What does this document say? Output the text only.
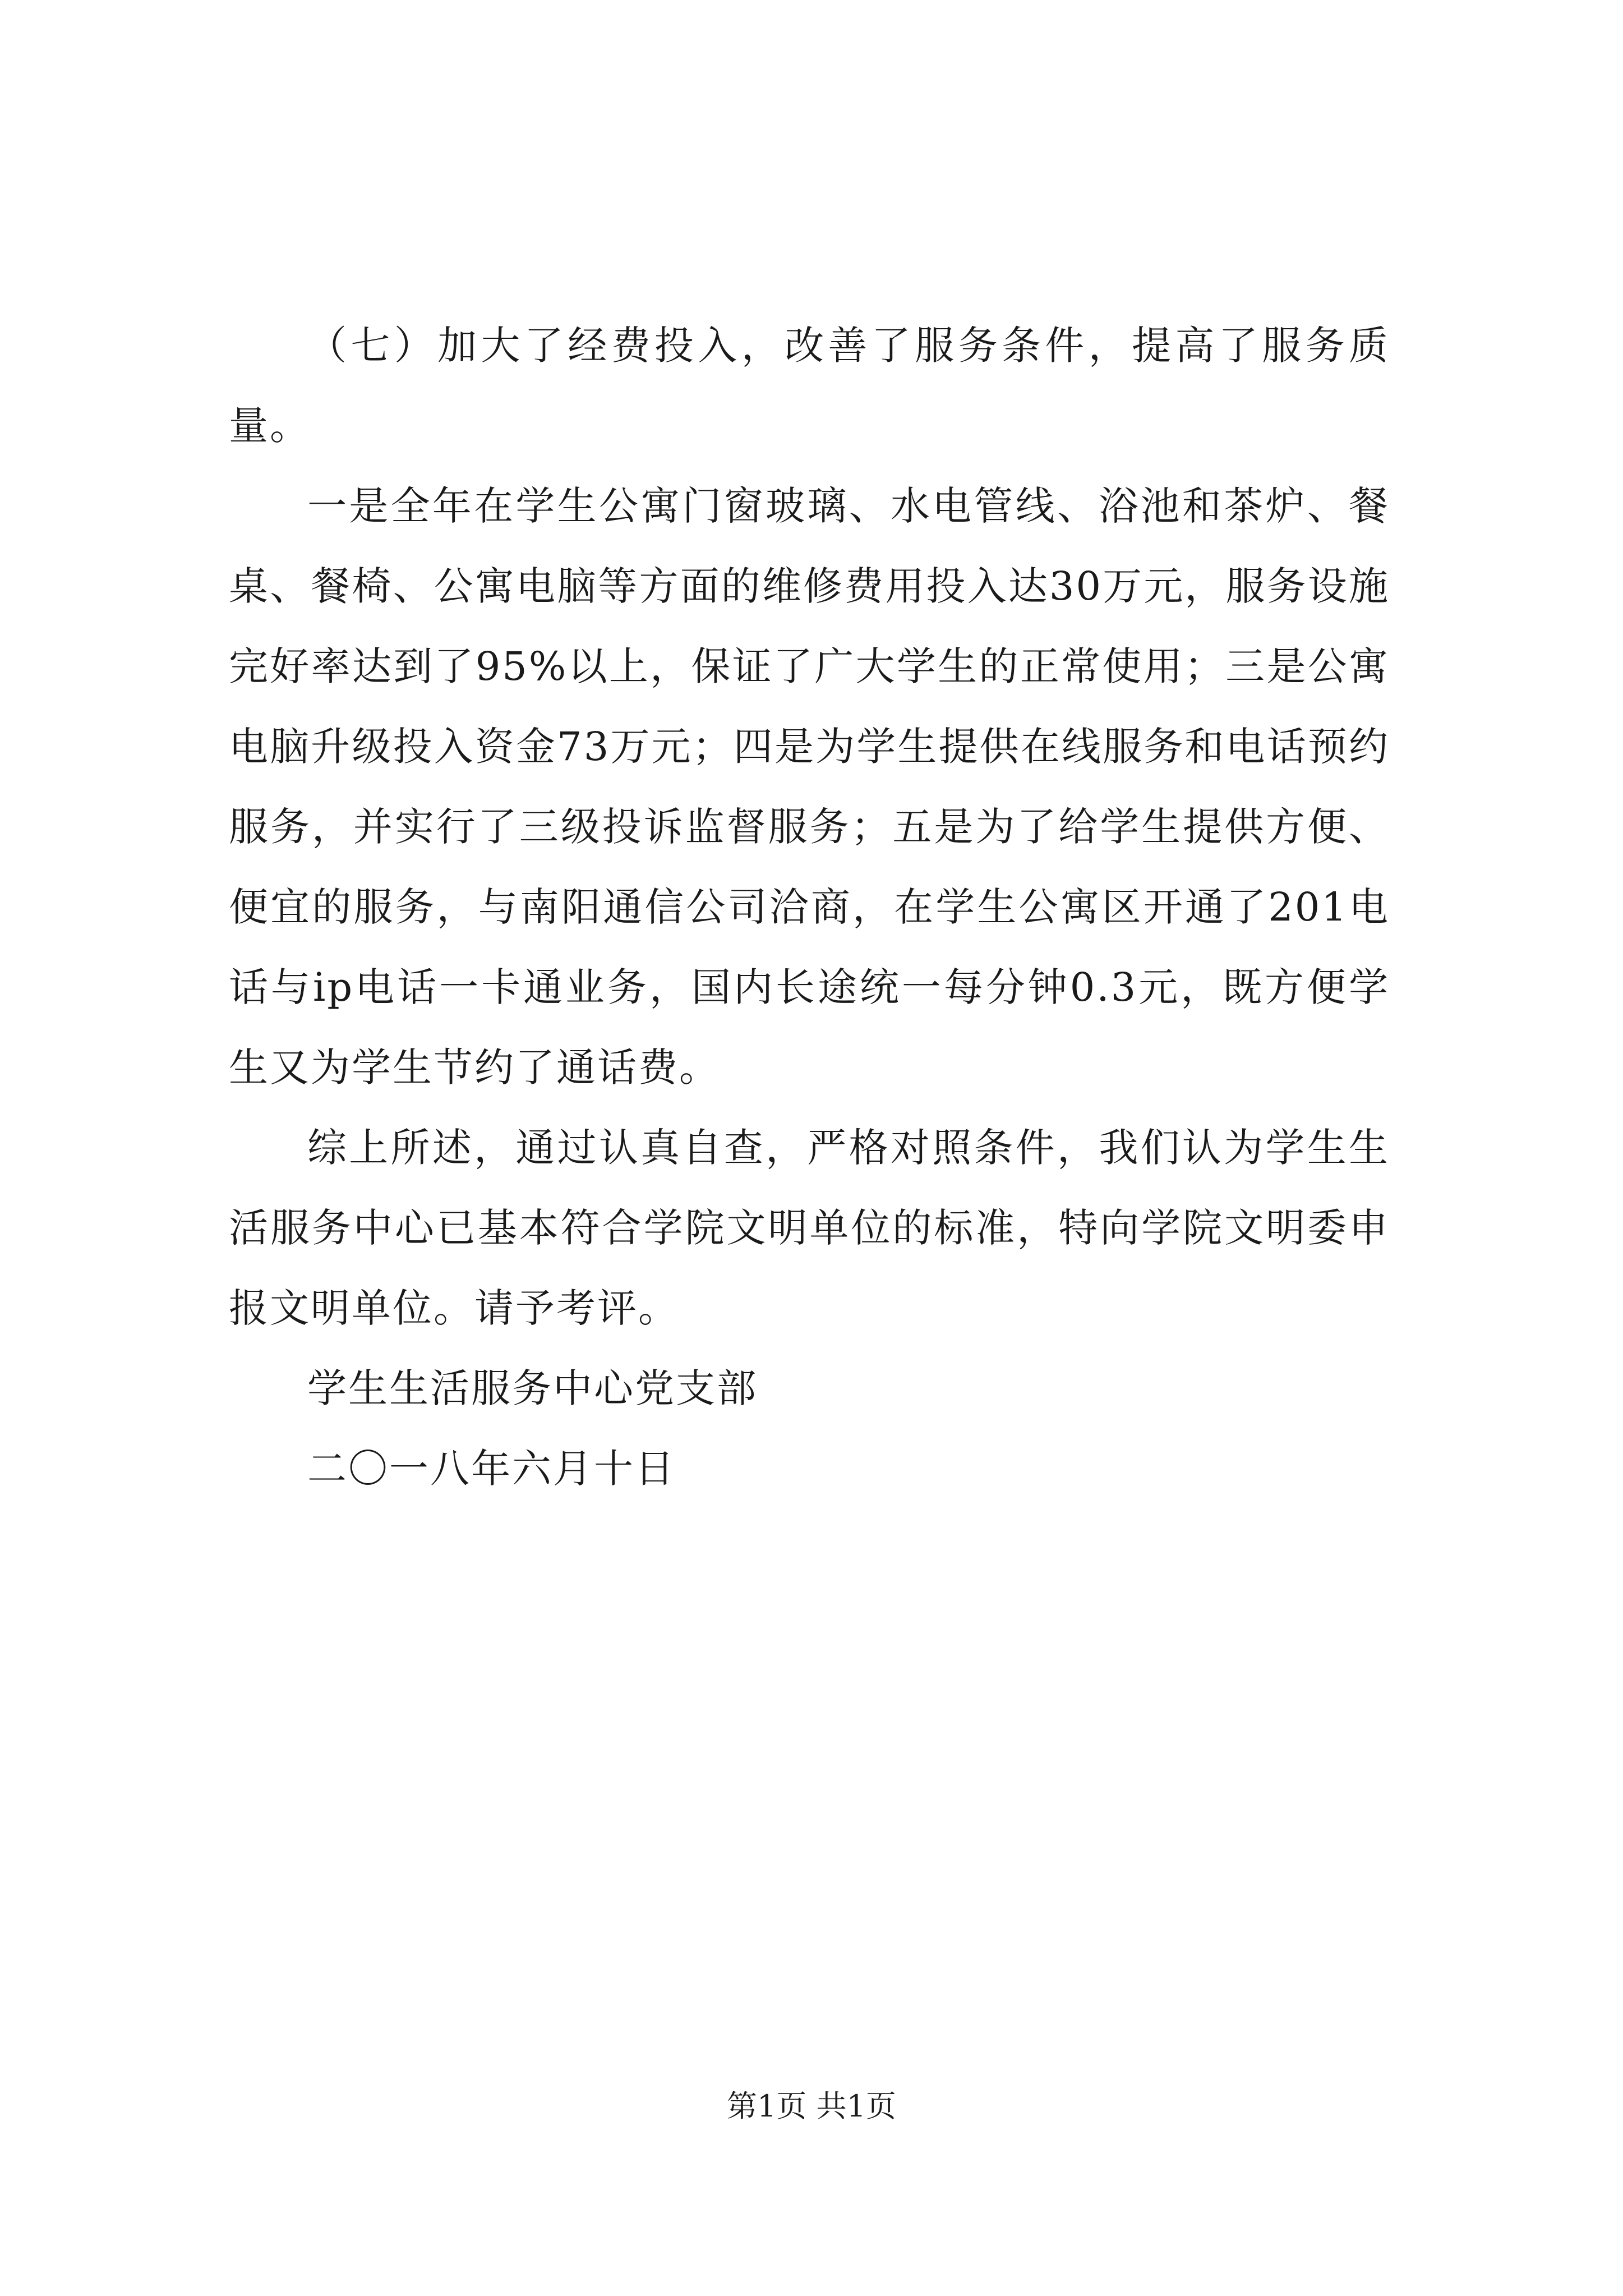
（七）加大了经费投入，改善了服务条件，提高了服务质量。

一是全年在学生公寓门窗玻璃、水电管线、浴池和茶炉、餐桌、餐椅、公寓电脑等方面的维修费用投入达30万元，服务设施完好率达到了95%以上，保证了广大学生的正常使用；三是公寓电脑升级投入资金73万元；四是为学生提供在线服务和电话预约服务，并实行了三级投诉监督服务；五是为了给学生提供方便、便宜的服务，与南阳通信公司洽商，在学生公寓区开通了201电话与ip电话一卡通业务，国内长途统一每分钟0.3元，既方便学生又为学生节约了通话费。

综上所述，通过认真自查，严格对照条件，我们认为学生生活服务中心已基本符合学院文明单位的标准，特向学院文明委申报文明单位。请予考评。

学生生活服务中心党支部

二〇一八年六月十日

第1页 共1页
